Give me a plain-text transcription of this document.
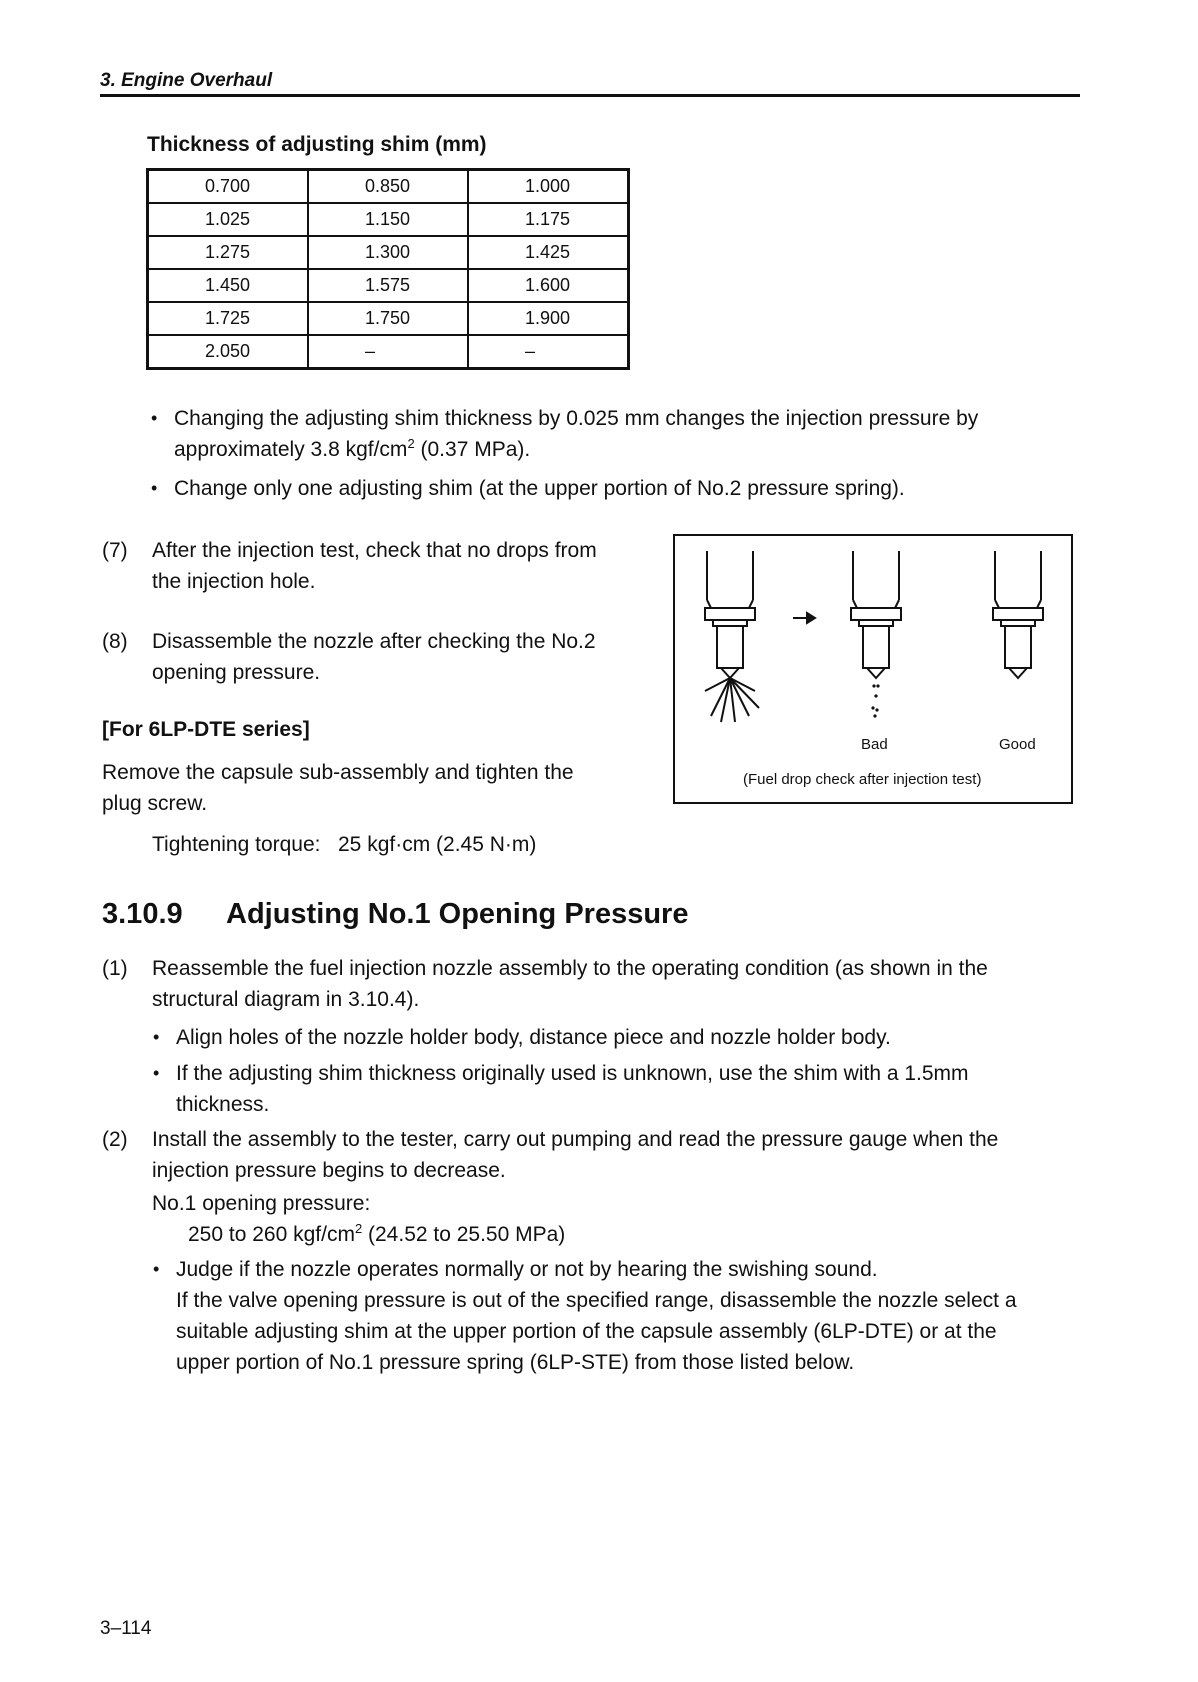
3. Engine Overhaul
Thickness of adjusting shim (mm)
0.700	0.850	1.000
1.025	1.150	1.175
1.275	1.300	1.425
1.450	1.575	1.600
1.725	1.750	1.900
2.050	–	–
• Changing the adjusting shim thickness by 0.025 mm changes the injection pressure by
approximately 3.8 kgf/$cm^2$ (0.37 MPa).
• Change only one adjusting shim (at the upper portion of No.2 pressure spring).
(7) After the injection test, check that no drops from
the injection hole.
(8) Disassemble the nozzle after checking the No.2
opening pressure.
[For 6LP-DTE series]
Remove the capsule sub-assembly and tighten the
plug screw.
Tightening torque:   25 kgf·cm (2.45 N·m)
Bad	Good
(Fuel drop check after injection test)
3.10.9 Adjusting No.1 Opening Pressure
(1) Reassemble the fuel injection nozzle assembly to the operating condition (as shown in the
structural diagram in 3.10.4).
• Align holes of the nozzle holder body, distance piece and nozzle holder body.
• If the adjusting shim thickness originally used is unknown, use the shim with a 1.5mm
thickness.
(2) Install the assembly to the tester, carry out pumping and read the pressure gauge when the
injection pressure begins to decrease.
No.1 opening pressure:
250 to 260 kgf/$cm^2$ (24.52 to 25.50 MPa)
• Judge if the nozzle operates normally or not by hearing the swishing sound.
If the valve opening pressure is out of the specified range, disassemble the nozzle select a
suitable adjusting shim at the upper portion of the capsule assembly (6LP-DTE) or at the
upper portion of No.1 pressure spring (6LP-STE) from those listed below.
3–114
